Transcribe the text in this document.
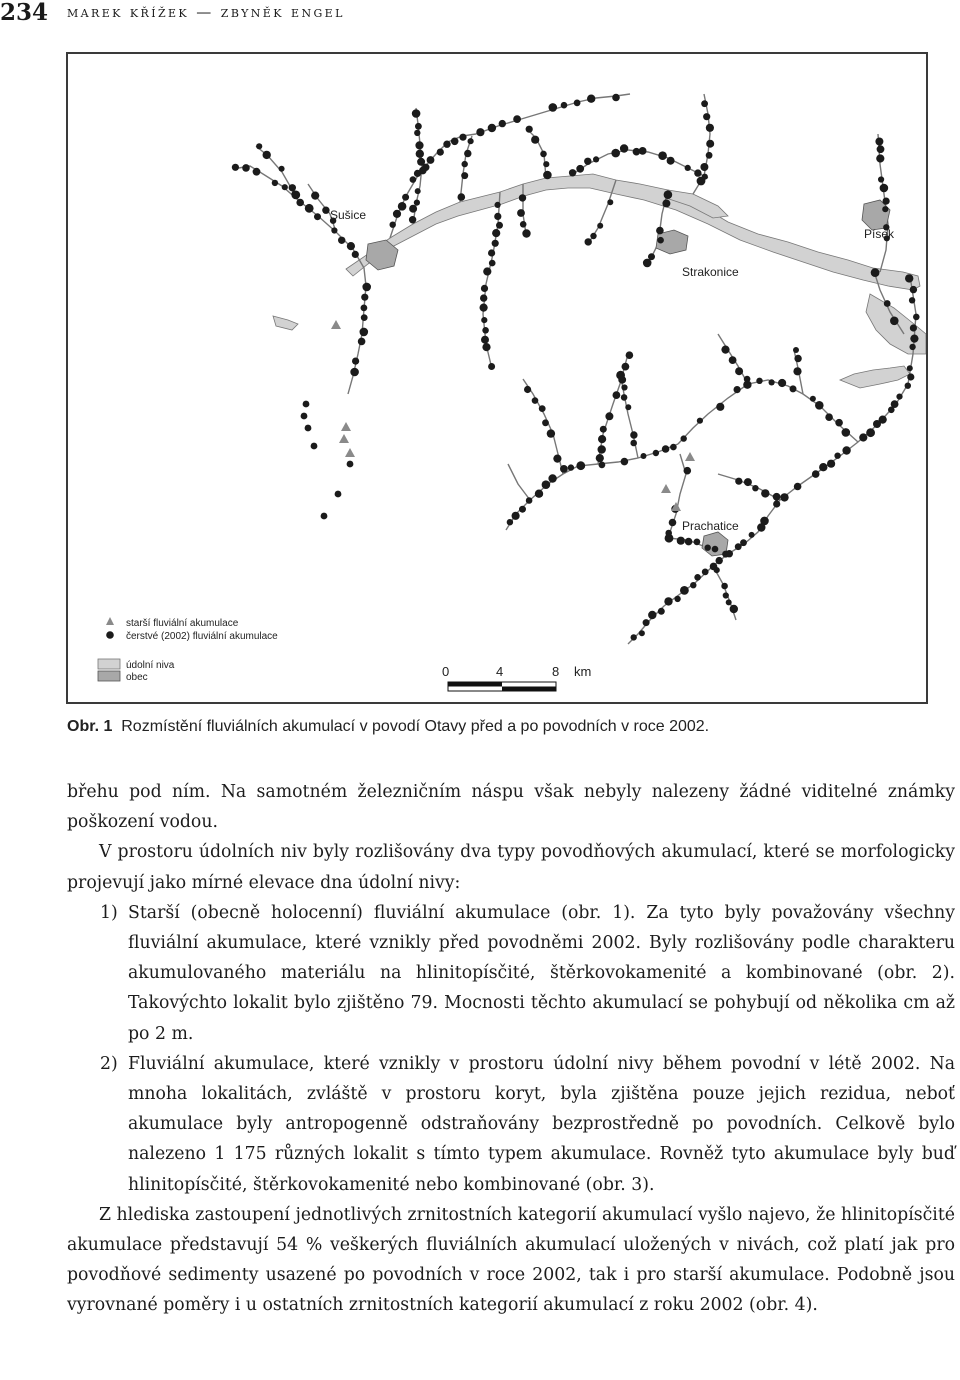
234 marek křížek — zbyněk engel
Sušice
Strakonice
Písek
Prachatice
starší fluviální akumulace
čerstvé (2002) fluviální akumulace
údolní niva
obec	0	4	8 km
Obr. 1 Rozmístění fluviálních akumulací v povodí Otavy před a po povodních v roce 2002.

břehu pod ním. Na samotném železničním náspu však nebyly nalezeny žádné viditelné známky poškození vodou.

V prostoru údolních niv byly rozlišovány dva typy povodňových akumulací, které se morfologicky projevují jako mírné elevace dna údolní nivy:

1) Starší (obecně holocenní) fluviální akumulace (obr. 1). Za tyto byly považovány všechny fluviální akumulace, které vznikly před povodněmi 2002. Byly rozlišovány podle charakteru akumulovaného materiálu na hlinitopísčité, štěrkovokamenité a kombinované (obr. 2). Takovýchto lokalit bylo zjištěno 79. Mocnosti těchto akumulací se pohybují od několika cm až po 2 m.
2) Fluviální akumulace, které vznikly v prostoru údolní nivy během povodní v létě 2002. Na mnoha lokalitách, zvláště v prostoru koryt, byla zjištěna pouze jejich rezidua, neboť akumulace byly antropogenně odstraňovány bezprostředně po povodních. Celkově bylo nalezeno 1 175 různých lokalit s tímto typem akumulace. Rovněž tyto akumulace byly buď hlinitopísčité, štěrkovokamenité nebo kombinované (obr. 3).

Z hlediska zastoupení jednotlivých zrnitostních kategorií akumulací vyšlo najevo, že hlinitopísčité akumulace představují 54 % veškerých fluviálních akumulací uložených v nivách, což platí jak pro povodňové sedimenty usazené po povodních v roce 2002, tak i pro starší akumulace. Podobně jsou vyrovnané poměry i u ostatních zrnitostních kategorií akumulací z roku 2002 (obr. 4).
